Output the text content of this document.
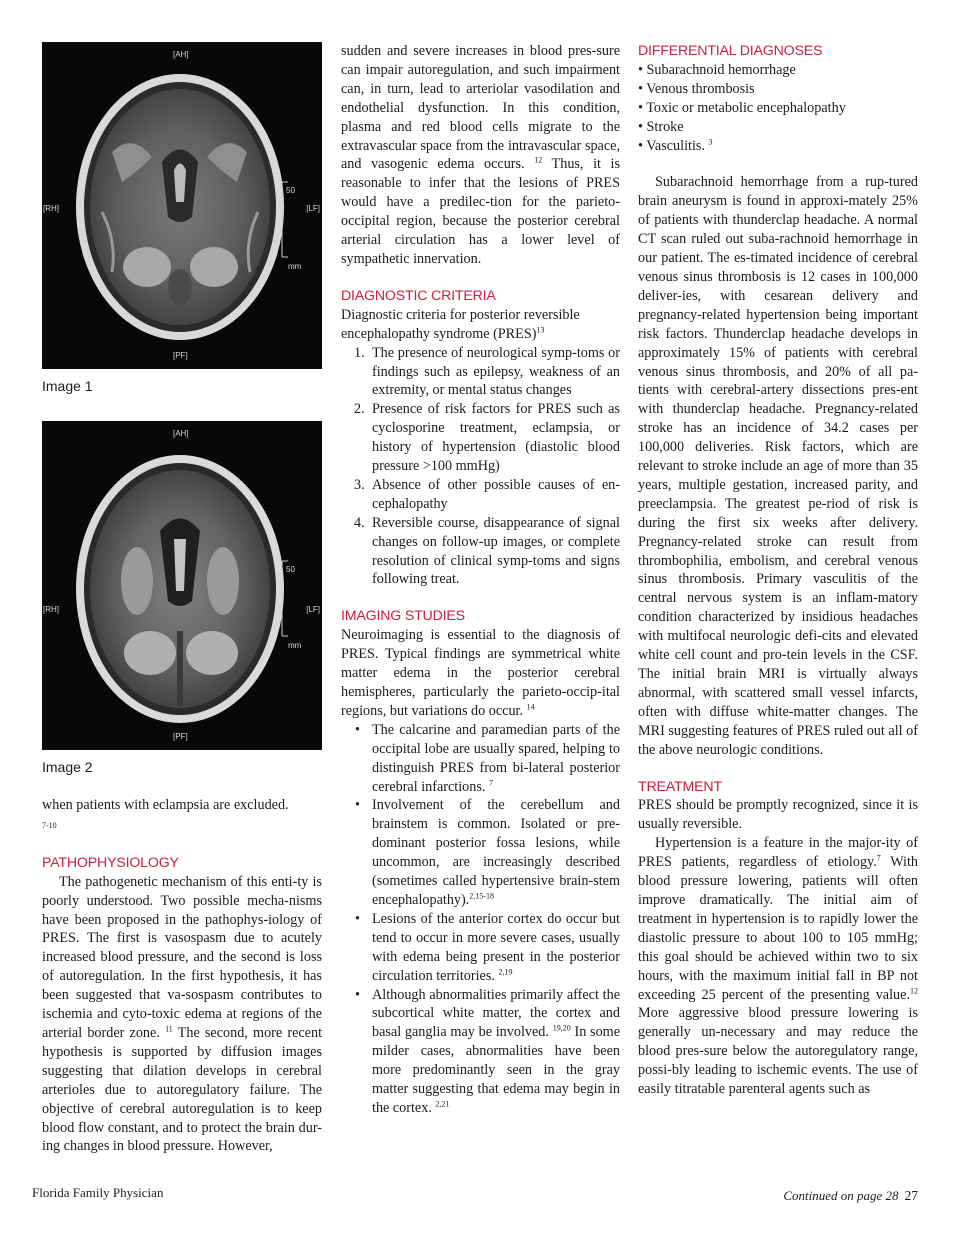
[AH]
[PF]
[RH]	[LF]
50
mm
Image 1
[AH]
[PF]
[RH]	[LF]
50
mm
Image 2

when patients with eclampsia are excluded.
7-10

PATHOPHYSIOLOGY

The pathogenetic mechanism of this enti-ty is poorly understood. Two possible mecha-nisms have been proposed in the pathophys-iology of PRES. The first is vasospasm due to acutely increased blood pressure, and the second is loss of autoregulation. In the first hypothesis, it has been suggested that va-sospasm contributes to ischemia and cyto-toxic edema at regions of the arterial border zone. $^{11}$ The second, more recent hypothesis is supported by diffusion images suggesting that dilation develops in cerebral arterioles due to autoregulatory failure. The objective of cerebral autoregulation is to keep blood flow constant, and to protect the brain dur-ing changes in blood pressure. However,

sudden and severe increases in blood pres-sure can impair autoregulation, and such impairment can, in turn, lead to arteriolar vasodilation and endothelial dysfunction. In this condition, plasma and red blood cells migrate to the extravascular space from the intravascular space, and vasogenic edema occurs. $^{12}$ Thus, it is reasonable to infer that the lesions of PRES would have a predilec-tion for the parieto-occipital region, because the posterior cerebral arterial circulation has a lower level of sympathetic innervation.

DIAGNOSTIC CRITERIA

Diagnostic criteria for posterior reversible encephalopathy syndrome (PRES)$^{13}$

1. The presence of neurological symp-toms or findings such as epilepsy, weakness of an extremity, or mental status changes
2. Presence of risk factors for PRES such as cyclosporine treatment, eclampsia, or history of hypertension (diastolic blood pressure >100 mmHg)
3. Absence of other possible causes of en-cephalopathy
4. Reversible course, disappearance of signal changes on follow-up images, or complete resolution of clinical symp-toms and signs following treat.
IMAGING STUDIES

Neuroimaging is essential to the diagnosis of PRES. Typical findings are symmetrical white matter edema in the posterior cerebral hemispheres, particularly the parieto-occip-ital regions, but variations do occur. $^{14}$

• The calcarine and paramedian parts of the occipital lobe are usually spared, helping to distinguish PRES from bi-lateral posterior cerebral infarctions. $^7$
• Involvement of the cerebellum and brainstem is common. Isolated or pre-dominant posterior fossa lesions, while uncommon, are increasingly described (sometimes called hypertensive brain-stem encephalopathy).$^{2,15-18}$
• Lesions of the anterior cortex do occur but tend to occur in more severe cases, usually with edema being present in the posterior circulation territories. $^{2,19}$
• Although abnormalities primarily affect the subcortical white matter, the cortex and basal ganglia may be involved. $^{19,20}$ In some milder cases, abnormalities have been more predominantly seen in the gray matter suggesting that edema may begin in the cortex. $^{2,21}$
DIFFERENTIAL DIAGNOSES
• Subarachnoid hemorrhage
• Venous thrombosis
• Toxic or metabolic encephalopathy
• Stroke
• Vasculitis. $^3$

Subarachnoid hemorrhage from a rup-tured brain aneurysm is found in approxi-mately 25% of patients with thunderclap headache. A normal CT scan ruled out suba-rachnoid hemorrhage in our patient. The es-timated incidence of cerebral venous sinus thrombosis is 12 cases in 100,000 deliver-ies, with cesarean delivery and pregnancy-related hypertension being important risk factors. Thunderclap headache develops in approximately 15% of patients with cerebral venous sinus thrombosis, and 20% of all pa-tients with cerebral-artery dissections pres-ent with thunderclap headache. Pregnancy-related stroke has an incidence of 34.2 cases per 100,000 deliveries. Risk factors, which are relevant to stroke include an age of more than 35 years, multiple gestation, increased parity, and preeclampsia. The greatest pe-riod of risk is during the first six weeks after delivery. Pregnancy-related stroke can result from thrombophilia, embolism, and cerebral venous sinus thrombosis. Primary vasculitis of the central nervous system is an inflam-matory condition characterized by insidious headaches with multifocal neurologic defi-cits and elevated white cell count and pro-tein levels in the CSF. The initial brain MRI is virtually always abnormal, with scattered small vessel infarcts, often with diffuse white-matter changes. The MRI suggesting features of PRES ruled out all of the above neurologic conditions.

TREATMENT

PRES should be promptly recognized, since it is usually reversible.

Hypertension is a feature in the major-ity of PRES patients, regardless of etiology.$^7$ With blood pressure lowering, patients will often improve dramatically. The initial aim of treatment in hypertension is to rapidly lower the diastolic pressure to about 100 to 105 mmHg; this goal should be achieved within two to six hours, with the maximum initial fall in BP not exceeding 25 percent of the presenting value.$^{12}$ More aggressive blood pressure lowering is generally un-necessary and may reduce the blood pres-sure below the autoregulatory range, possi-bly leading to ischemic events. The use of easily titratable parenteral agents such as

Florida Family Physician	Continued on page 28 27
